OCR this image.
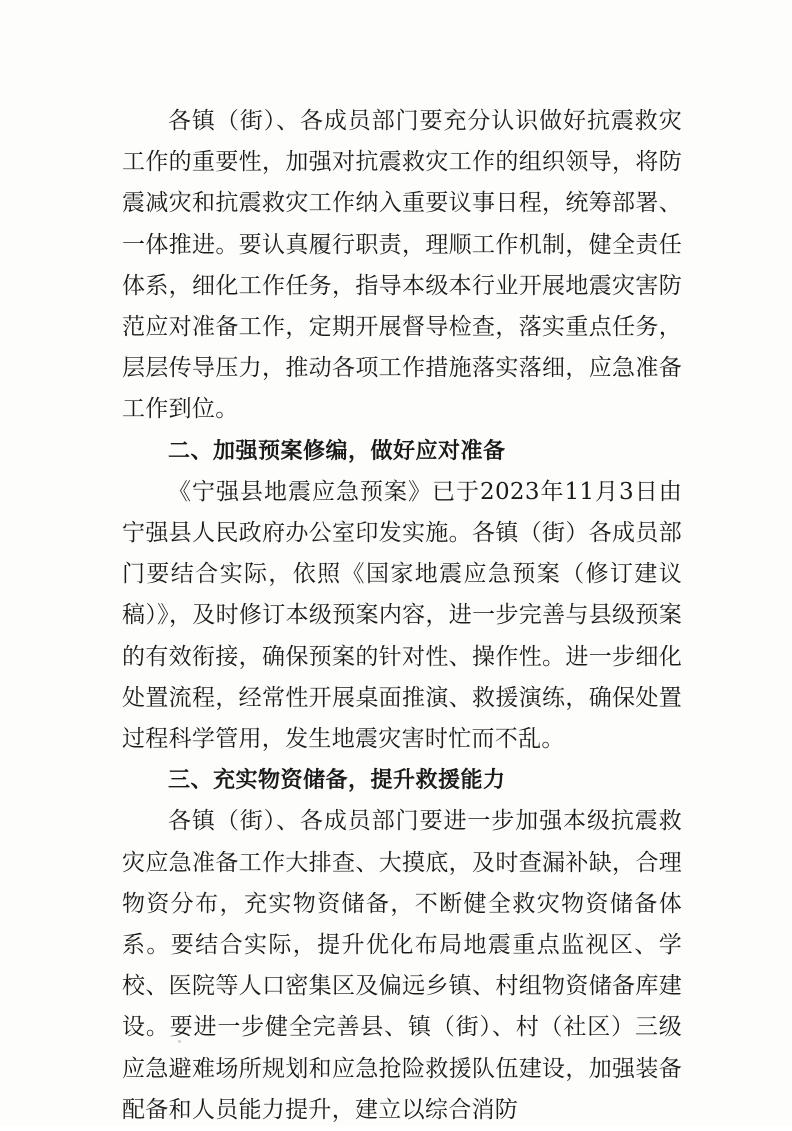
各镇（街）、各成员部门要充分认识做好抗震救灾工作的重要性，加强对抗震救灾工作的组织领导，将防震减灾和抗震救灾工作纳入重要议事日程，统筹部署、一体推进。要认真履行职责，理顺工作机制，健全责任体系，细化工作任务，指导本级本行业开展地震灾害防范应对准备工作，定期开展督导检查，落实重点任务，层层传导压力，推动各项工作措施落实落细，应急准备工作到位。

二、加强预案修编，做好应对准备

《宁强县地震应急预案》已于2023年11月3日由宁强县人民政府办公室印发实施。各镇（街）各成员部门要结合实际，依照《国家地震应急预案（修订建议稿）》，及时修订本级预案内容，进一步完善与县级预案的有效衔接，确保预案的针对性、操作性。进一步细化处置流程，经常性开展桌面推演、救援演练，确保处置过程科学管用，发生地震灾害时忙而不乱。

三、充实物资储备，提升救援能力

各镇（街）、各成员部门要进一步加强本级抗震救灾应急准备工作大排查、大摸底，及时查漏补缺，合理物资分布，充实物资储备，不断健全救灾物资储备体系。要结合实际，提升优化布局地震重点监视区、学校、医院等人口密集区及偏远乡镇、村组物资储备库建设。要进一步健全完善县、镇（街）、村（社区）三级应急避难场所规划和应急抢险救援队伍建设，加强装备配备和人员能力提升，建立以综合消防
